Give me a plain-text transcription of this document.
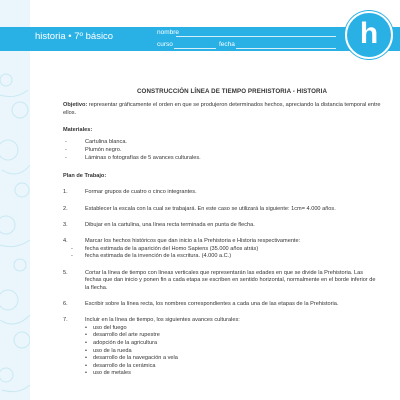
historia • 7º básico	nombre
curso	fecha	h
CONSTRUCCIÓN LÍNEA DE TIEMPO PREHISTORIA - HISTORIA
Objetivo: representar gráficamente el orden en que se produjeron determinados hechos, apreciando la distancia temporal entre ellos.
Materiales:
- Cartulina blanca.
- Plumón negro.
- Láminas o fotografías de 5 avances culturales.
Plan de Trabajo:
1.	Formar grupos de cuatro o cinco integrantes.
2.	Establecer la escala con la cual se trabajará. En este caso se utilizará la siguiente: 1cm= 4.000 años.
3.	Dibujar en la cartulina, una línea recta terminada en punta de flecha.
4.	Marcar los hechos históricos que dan inicio a la Prehistoria e Historia respectivamente:
- fecha estimada de la aparición del Homo Sapiens (35.000 años atrás)
- fecha estimada de la invención de la escritura. (4.000 a.C.)
5.	Cortar la línea de tiempo con líneas verticales que representarán las edades en que se divide la Prehistoria. Las fechas que dan inicio y ponen fin a cada etapa se escriben en sentido horizontal, normalmente en el borde inferior de la flecha.
6.	Escribir sobre la línea recta, los nombres correspondientes a cada una de las etapas de la Prehistoria.
7.	Incluir en la línea de tiempo, los siguientes avances culturales:
• uso del fuego
• desarrollo del arte rupestre
• adopción de la agricultura
• uso de la rueda
• desarrollo de la navegación a vela
• desarrollo de la cerámica
• uso de metales
